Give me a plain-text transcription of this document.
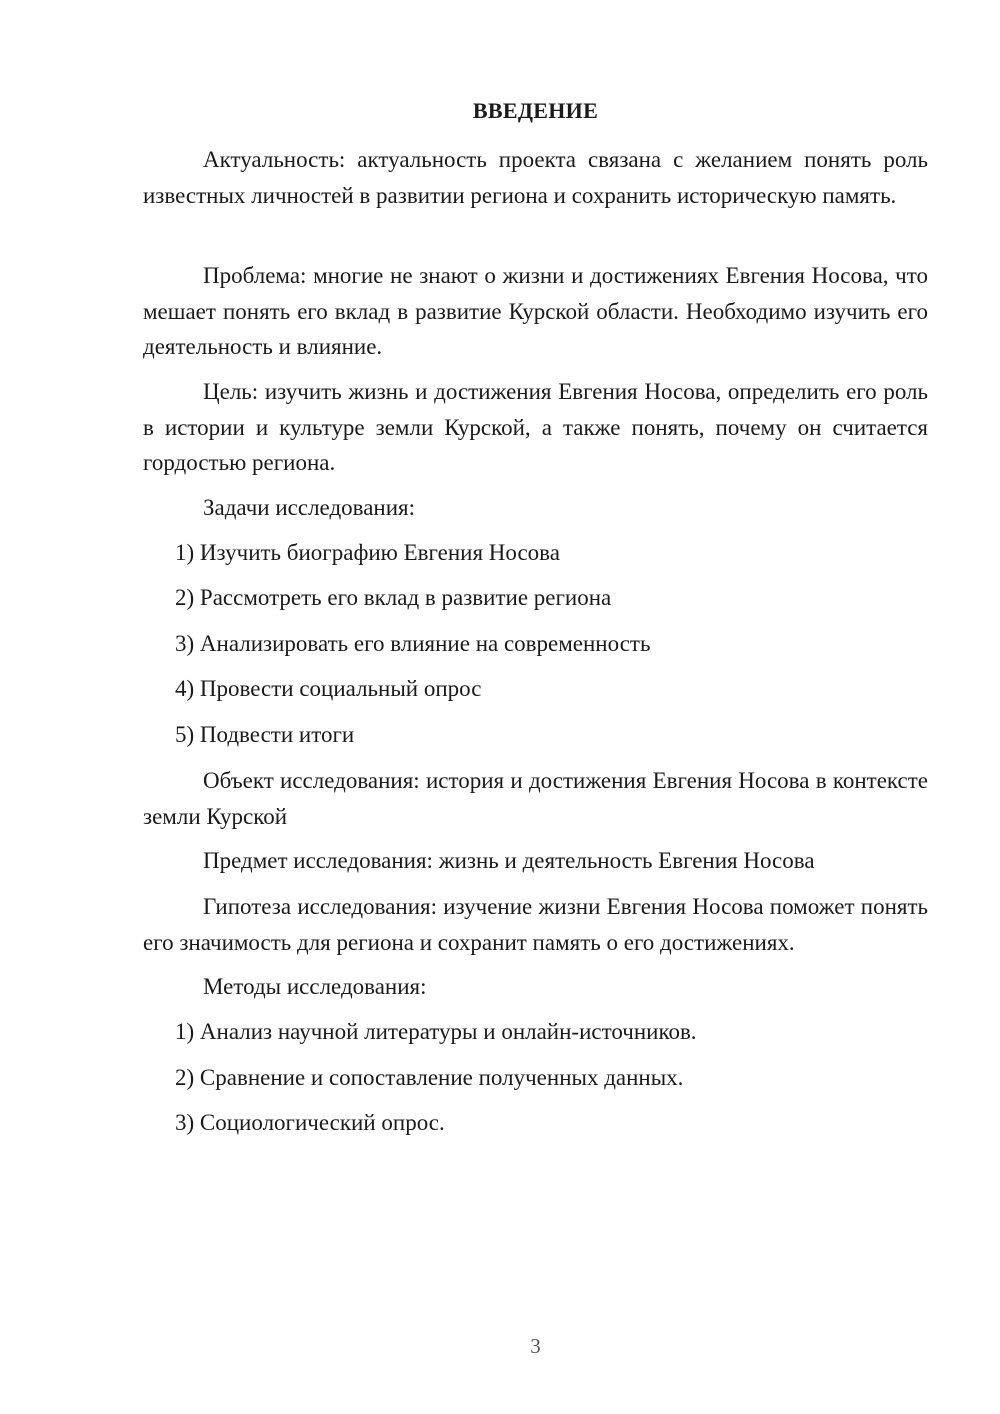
ВВЕДЕНИЕ

Актуальность: актуальность проекта связана с желанием понять роль известных личностей в развитии региона и сохранить историческую память.

Проблема: многие не знают о жизни и достижениях Евгения Носова, что мешает понять его вклад в развитие Курской области. Необходимо изучить его деятельность и влияние.

Цель: изучить жизнь и достижения Евгения Носова, определить его роль в истории и культуре земли Курской, а также понять, почему он считается гордостью региона.

Задачи исследования:
1) Изучить биографию Евгения Носова
2) Рассмотреть его вклад в развитие региона
3) Анализировать его влияние на современность
4) Провести социальный опрос
5) Подвести итоги

Объект исследования: история и достижения Евгения Носова в контексте земли Курской

Предмет исследования: жизнь и деятельность Евгения Носова

Гипотеза исследования: изучение жизни Евгения Носова поможет понять его значимость для региона и сохранит память о его достижениях.

Методы исследования:
1) Анализ научной литературы и онлайн-источников.
2) Сравнение и сопоставление полученных данных.
3) Социологический опрос.
3
